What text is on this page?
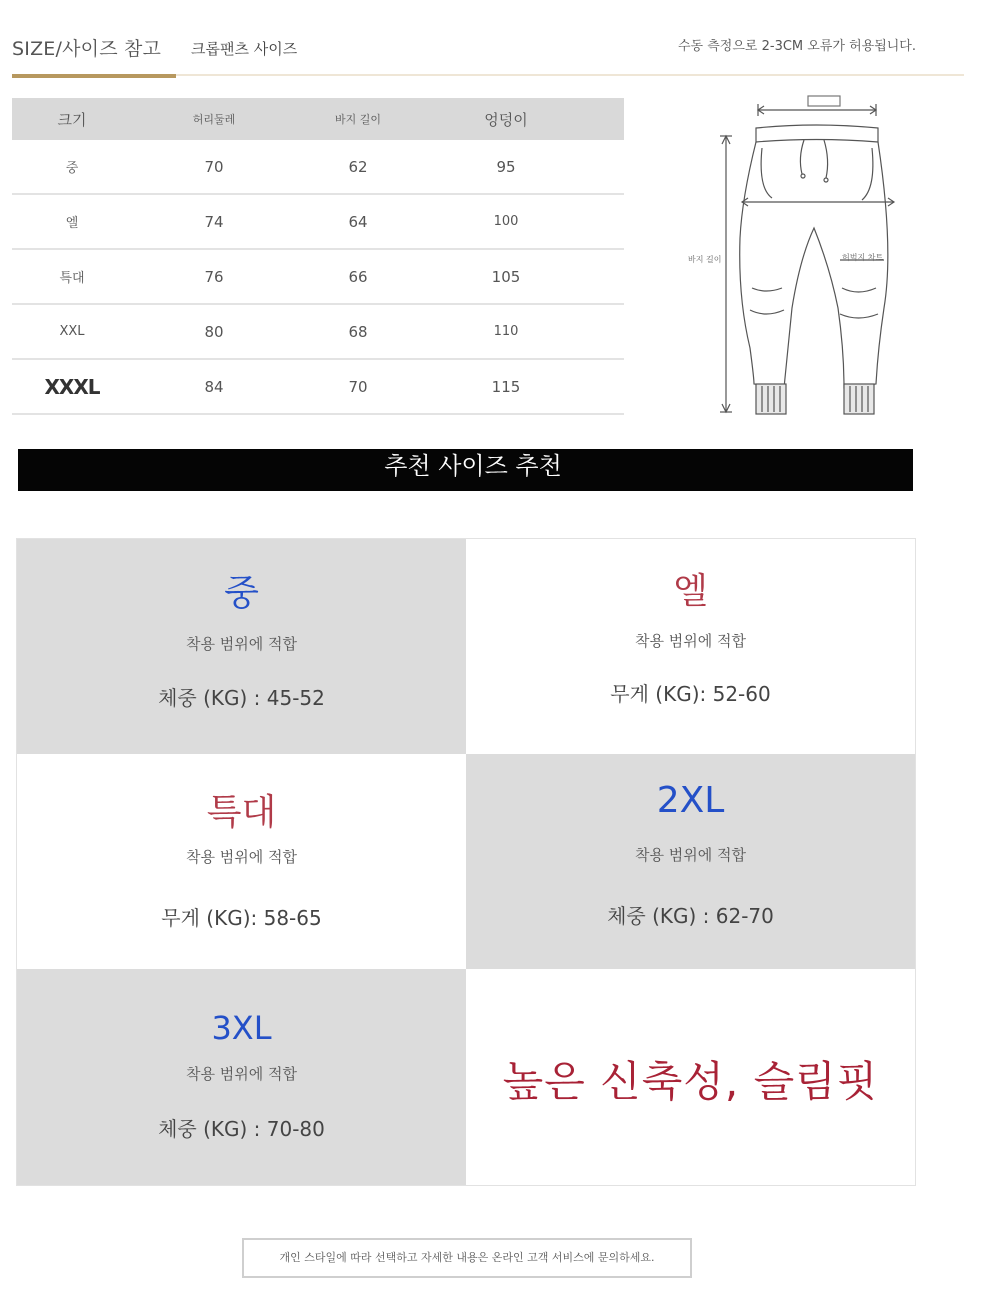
SIZE/사이즈 참고 크롭팬츠 사이즈	수동 측정으로 2-3CM 오류가 허용됩니다.
크기	허리둘레	바지 길이	엉덩이
중	70	62	95
엘	74	64	100
특대	76	66	105
XXL	80	68	110
XXXL	84	70	115
바지 길이	허벅지 차트
추천 사이즈 추천
중
착용 범위에 적합
체중 (KG) : 45-52
엘
착용 범위에 적합
무게 (KG): 52-60
특대
착용 범위에 적합
무게 (KG): 58-65
2XL
착용 범위에 적합
체중 (KG) : 62-70
3XL
착용 범위에 적합
체중 (KG) : 70-80
높은 신축성, 슬림핏
개인 스타일에 따라 선택하고 자세한 내용은 온라인 고객 서비스에 문의하세요.
